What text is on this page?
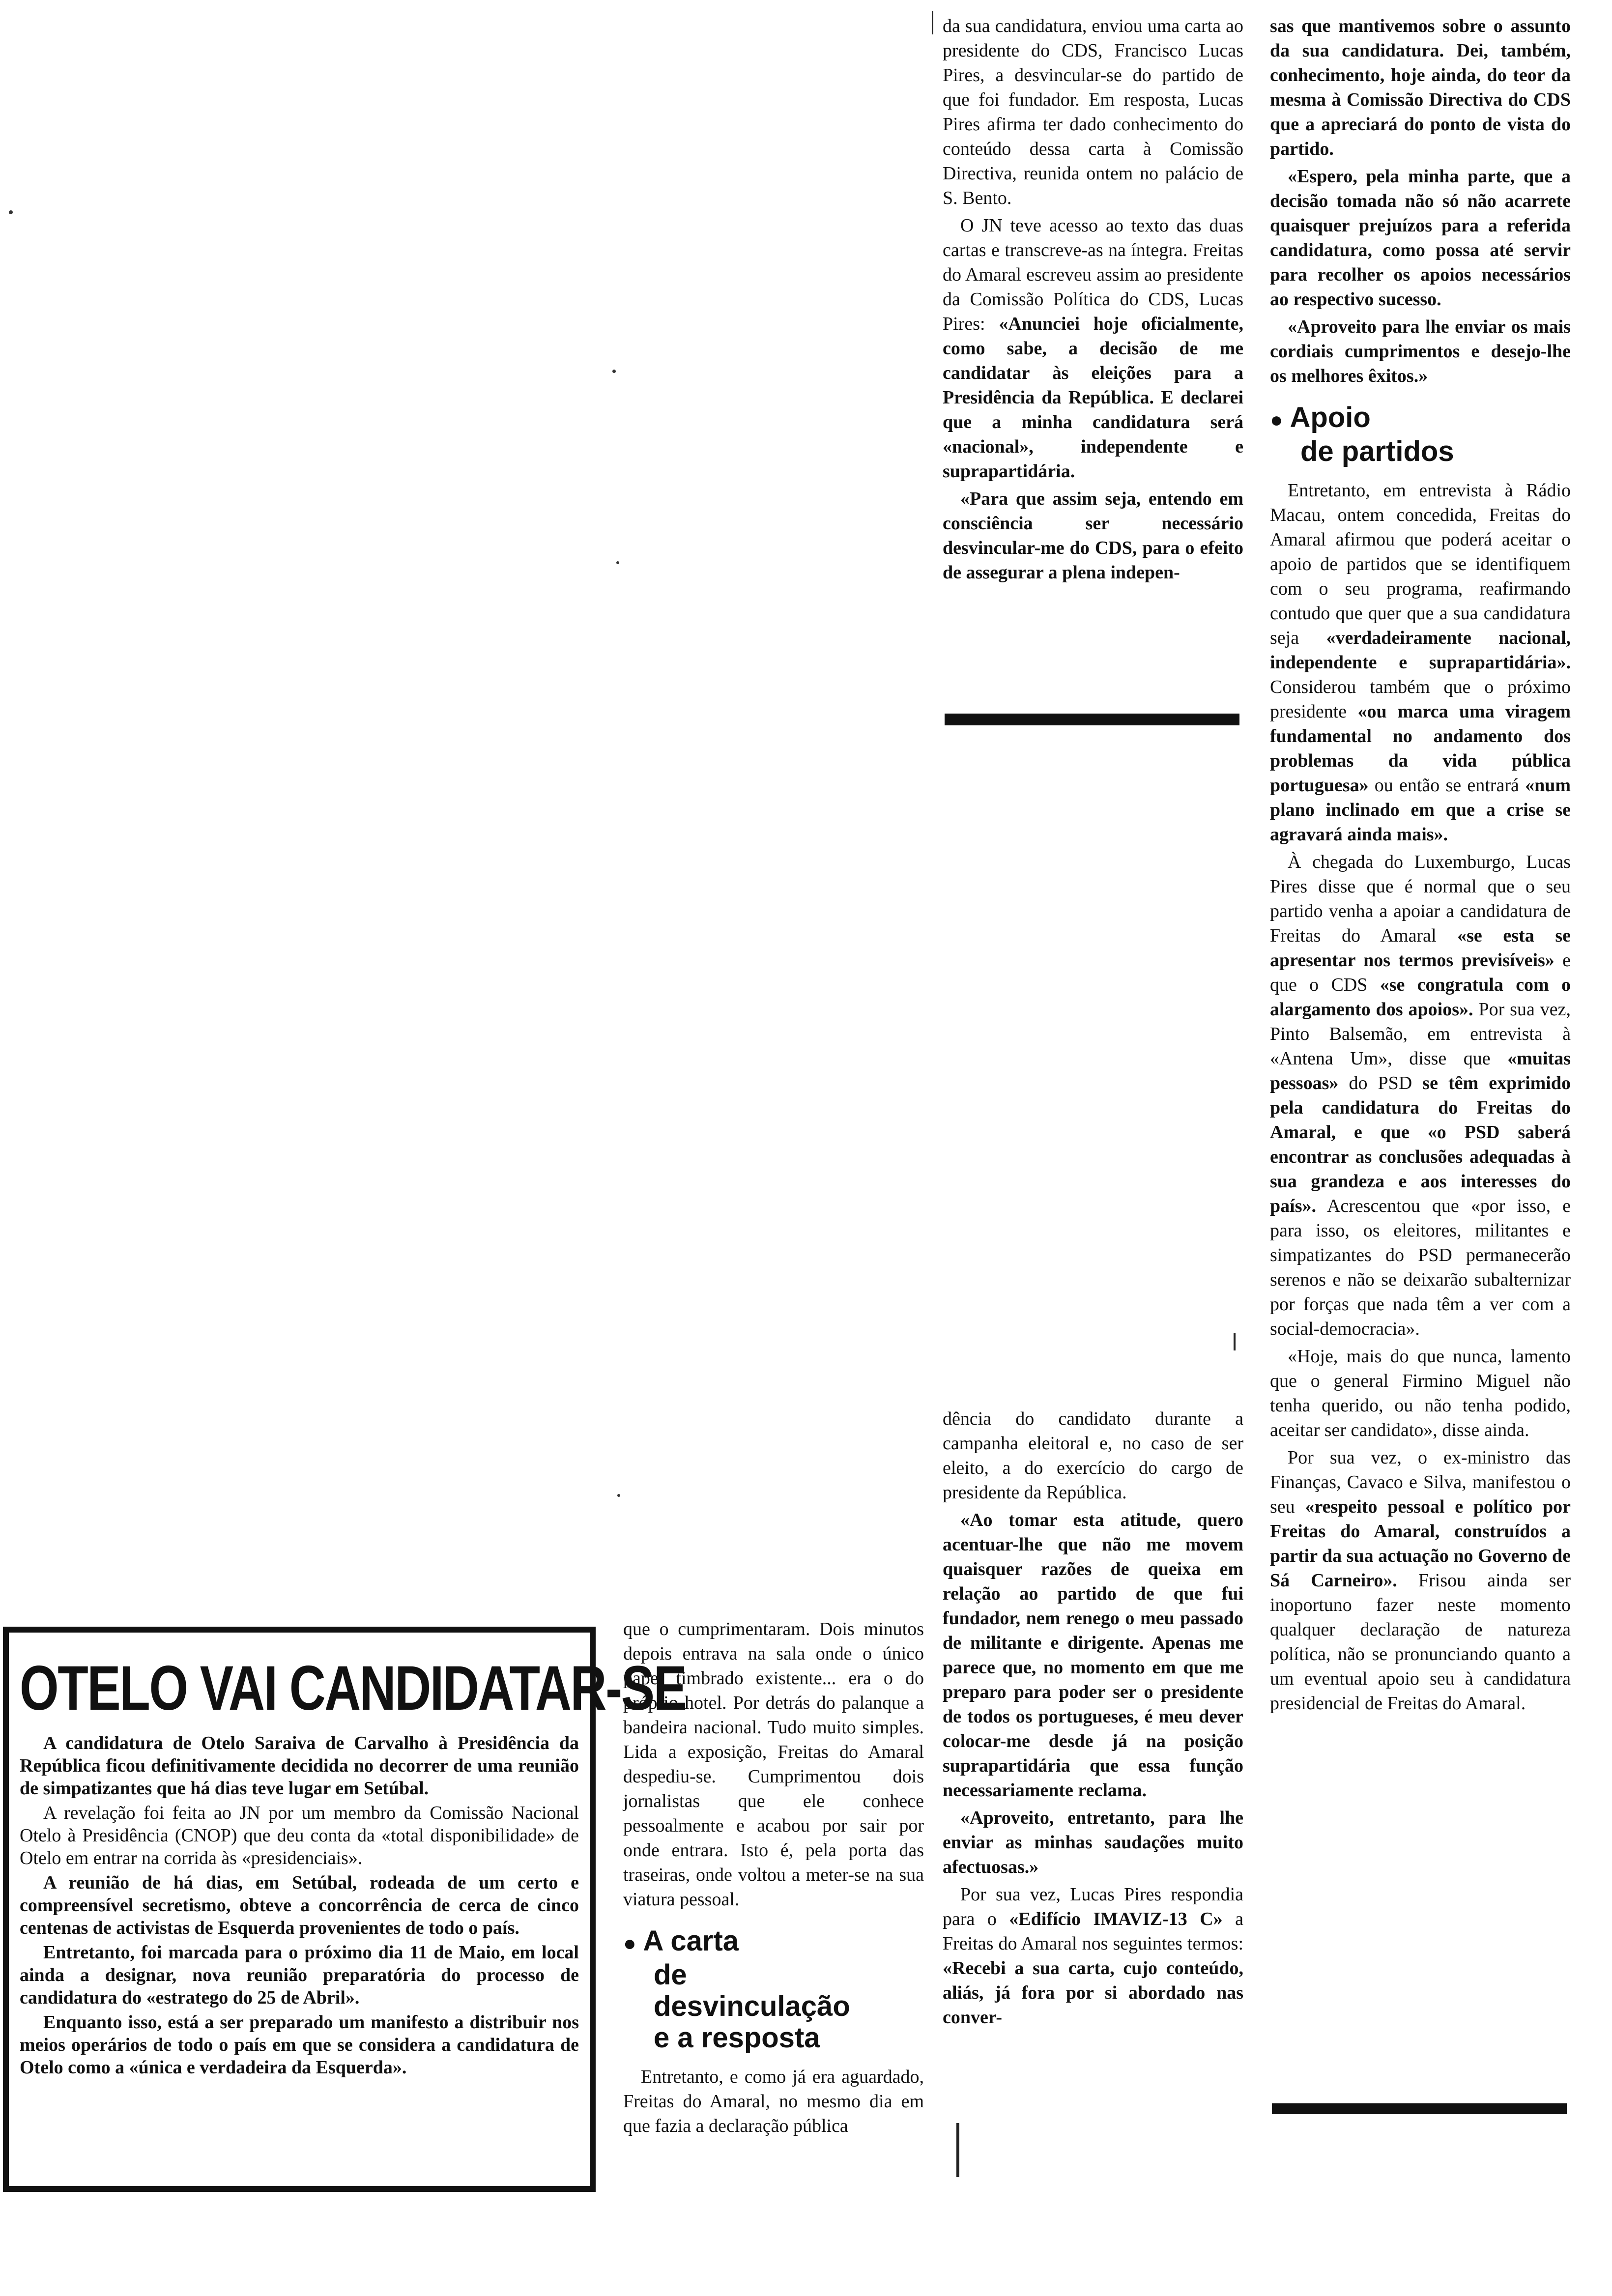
da sua candidatura, enviou uma carta ao presidente do CDS, Francisco Lucas Pires, a desvincular-se do partido de que foi fundador. Em resposta, Lucas Pires afirma ter dado conhecimento do conteúdo dessa carta à Comissão Directiva, reunida ontem no palácio de S. Bento.

O JN teve acesso ao texto das duas cartas e transcreve-as na íntegra. Freitas do Amaral escreveu assim ao presidente da Comissão Política do CDS, Lucas Pires: «Anunciei hoje oficialmente, como sabe, a decisão de me candidatar às eleições para a Presidência da República. E declarei que a minha candidatura será «nacional», independente e suprapartidária.

«Para que assim seja, entendo em consciência ser necessário desvincular-me do CDS, para o efeito de assegurar a plena indepen-

sas que mantivemos sobre o assunto da sua candidatura. Dei, também, conhecimento, hoje ainda, do teor da mesma à Comissão Directiva do CDS que a apreciará do ponto de vista do partido.

«Espero, pela minha parte, que a decisão tomada não só não acarrete quaisquer prejuízos para a referida candidatura, como possa até servir para recolher os apoios necessários ao respectivo sucesso.

«Aproveito para lhe enviar os mais cordiais cumprimentos e desejo-lhe os melhores êxitos.»

● Apoio
de partidos

Entretanto, em entrevista à Rádio Macau, ontem concedida, Freitas do Amaral afirmou que poderá aceitar o apoio de partidos que se identifiquem com o seu programa, reafirmando contudo que quer que a sua candidatura seja «verdadeiramente nacional, independente e suprapartidária». Considerou também que o próximo presidente «ou marca uma viragem fundamental no andamento dos problemas da vida pública portuguesa» ou então se entrará «num plano inclinado em que a crise se agravará ainda mais».

À chegada do Luxemburgo, Lucas Pires disse que é normal que o seu partido venha a apoiar a candidatura de Freitas do Amaral «se esta se apresentar nos termos previsíveis» e que o CDS «se congratula com o alargamento dos apoios». Por sua vez, Pinto Balsemão, em entrevista à «Antena Um», disse que «muitas pessoas» do PSD se têm exprimido pela candidatura do Freitas do Amaral, e que «o PSD saberá encontrar as conclusões adequadas à sua grandeza e aos interesses do país». Acrescentou que «por isso, e para isso, os eleitores, militantes e simpatizantes do PSD permanecerão serenos e não se deixarão subalternizar por forças que nada têm a ver com a social-democracia».

«Hoje, mais do que nunca, lamento que o general Firmino Miguel não tenha querido, ou não tenha podido, aceitar ser candidato», disse ainda.

Por sua vez, o ex-ministro das Finanças, Cavaco e Silva, manifestou o seu «respeito pessoal e político por Freitas do Amaral, construídos a partir da sua actuação no Governo de Sá Carneiro». Frisou ainda ser inoportuno fazer neste momento qualquer declaração de natureza política, não se pronunciando quanto a um eventual apoio seu à candidatura presidencial de Freitas do Amaral.

dência do candidato durante a campanha eleitoral e, no caso de ser eleito, a do exercício do cargo de presidente da República.

«Ao tomar esta atitude, quero acentuar-lhe que não me movem quaisquer razões de queixa em relação ao partido de que fui fundador, nem renego o meu passado de militante e dirigente. Apenas me parece que, no momento em que me preparo para poder ser o presidente de todos os portugueses, é meu dever colocar-me desde já na posição suprapartidária que essa função necessariamente reclama.

«Aproveito, entretanto, para lhe enviar as minhas saudações muito afectuosas.»

Por sua vez, Lucas Pires respondia para o «Edifício IMAVIZ-13 C» a Freitas do Amaral nos seguintes termos: «Recebi a sua carta, cujo conteúdo, aliás, já fora por si abordado nas conver-

que o cumprimentaram. Dois minutos depois entrava na sala onde o único papel timbrado existente... era o do próprio hotel. Por detrás do palanque a bandeira nacional. Tudo muito simples. Lida a exposição, Freitas do Amaral despediu-se. Cumprimentou dois jornalistas que ele conhece pessoalmente e acabou por sair por onde entrara. Isto é, pela porta das traseiras, onde voltou a meter-se na sua viatura pessoal.

● A carta
de
desvinculação
e a resposta

Entretanto, e como já era aguardado, Freitas do Amaral, no mesmo dia em que fazia a declaração pública

OTELO VAI CANDIDATAR-SE

A candidatura de Otelo Saraiva de Carvalho à Presidência da República ficou definitivamente decidida no decorrer de uma reunião de simpatizantes que há dias teve lugar em Setúbal.

A revelação foi feita ao JN por um membro da Comissão Nacional Otelo à Presidência (CNOP) que deu conta da «total disponibilidade» de Otelo em entrar na corrida às «presidenciais».

A reunião de há dias, em Setúbal, rodeada de um certo e compreensível secretismo, obteve a concorrência de cerca de cinco centenas de activistas de Esquerda provenientes de todo o país.

Entretanto, foi marcada para o próximo dia 11 de Maio, em local ainda a designar, nova reunião preparatória do processo de candidatura do «estratego do 25 de Abril».

Enquanto isso, está a ser preparado um manifesto a distribuir nos meios operários de todo o país em que se considera a candidatura de Otelo como a «única e verdadeira da Esquerda».
